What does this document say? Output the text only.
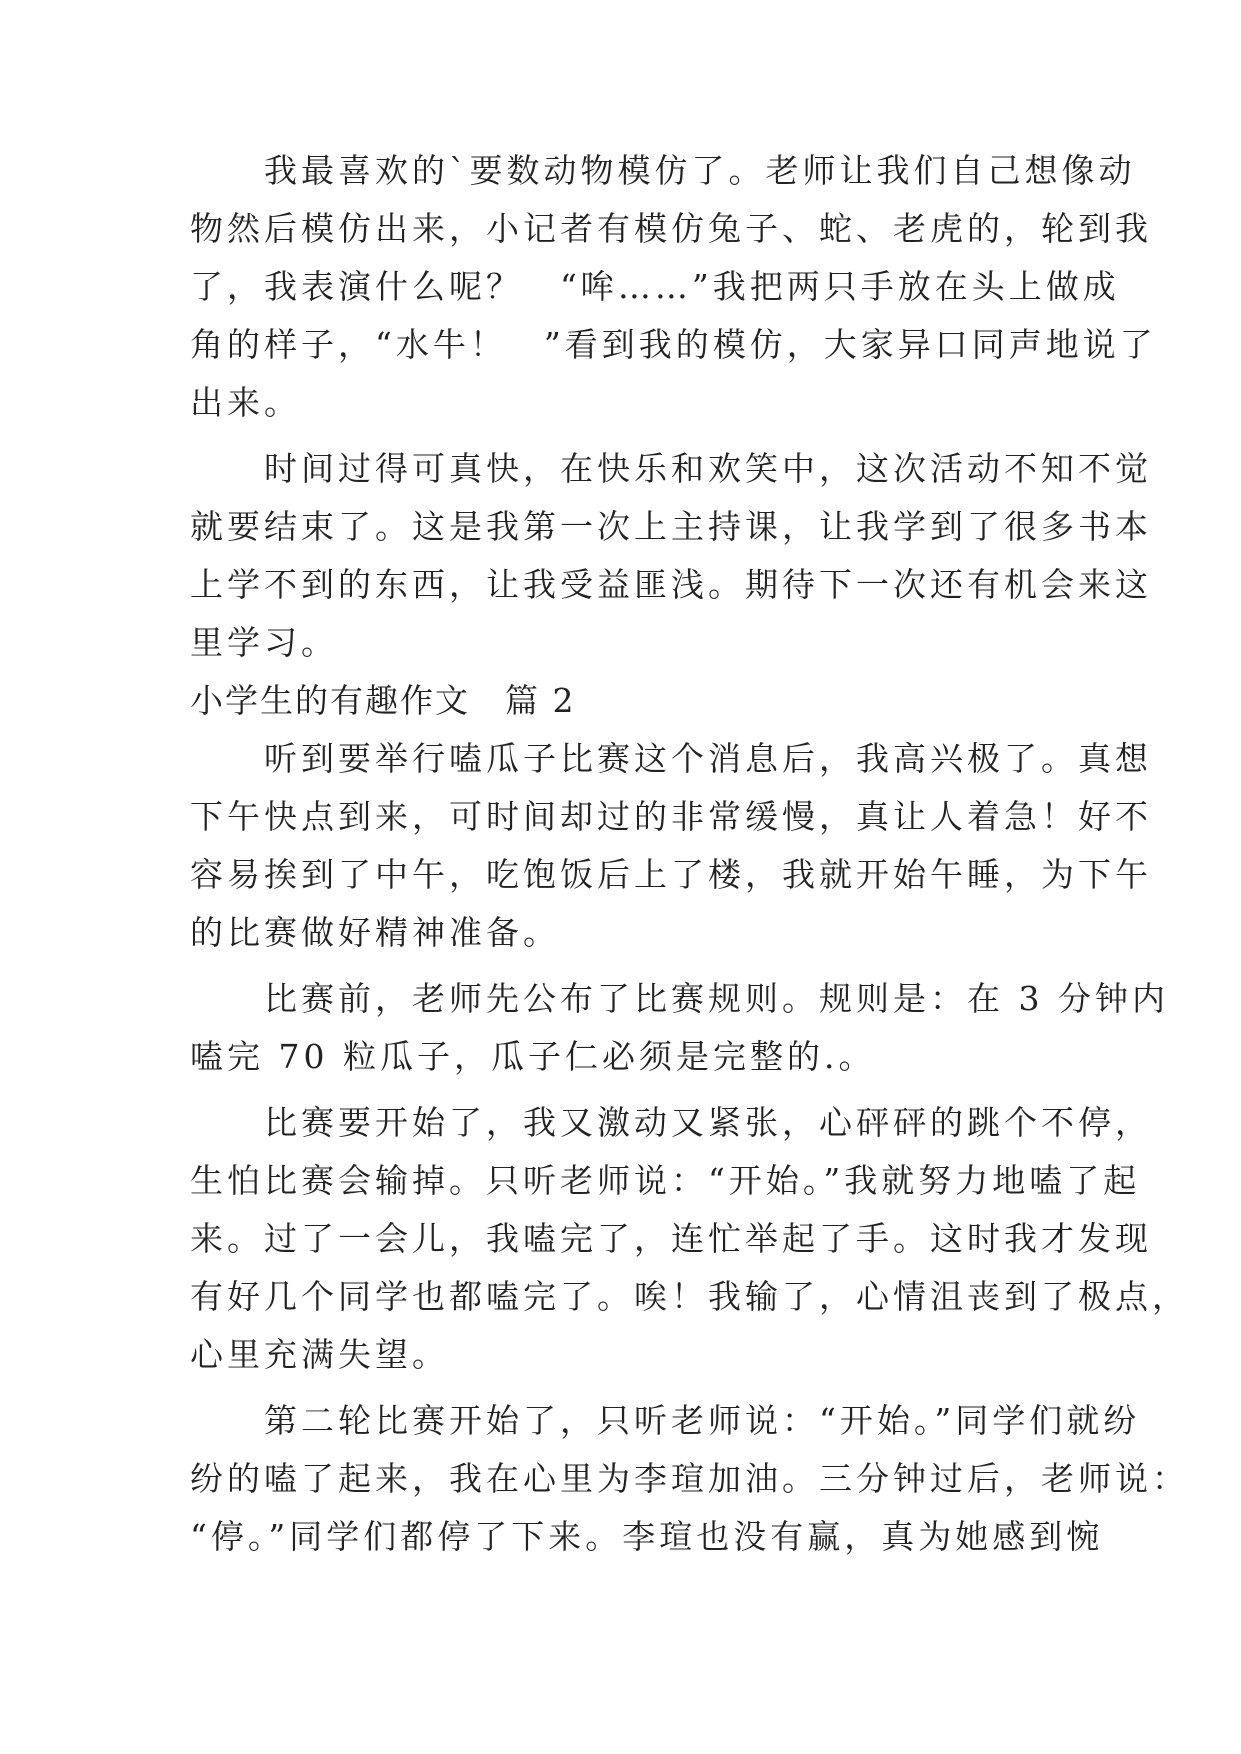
　　我最喜欢的`要数动物模仿了。老师让我们自己想像动
物然后模仿出来，小记者有模仿兔子、蛇、老虎的，轮到我
了，我表演什么呢？　“哞……”我把两只手放在头上做成
角的样子，“水牛！　”看到我的模仿，大家异口同声地说了
出来。
　　时间过得可真快，在快乐和欢笑中，这次活动不知不觉
就要结束了。这是我第一次上主持课，让我学到了很多书本
上学不到的东西，让我受益匪浅。期待下一次还有机会来这
里学习。
小学生的有趣作文　篇 2
　　听到要举行嗑瓜子比赛这个消息后，我高兴极了。真想
下午快点到来，可时间却过的非常缓慢，真让人着急！好不
容易挨到了中午，吃饱饭后上了楼，我就开始午睡，为下午
的比赛做好精神准备。
　　比赛前，老师先公布了比赛规则。规则是：在 3 分钟内
嗑完 70 粒瓜子，瓜子仁必须是完整的.。
　　比赛要开始了，我又激动又紧张，心砰砰的跳个不停，
生怕比赛会输掉。只听老师说：“开始。”我就努力地嗑了起
来。过了一会儿，我嗑完了，连忙举起了手。这时我才发现
有好几个同学也都嗑完了。唉！我输了，心情沮丧到了极点，
心里充满失望。
　　第二轮比赛开始了，只听老师说：“开始。”同学们就纷
纷的嗑了起来，我在心里为李瑄加油。三分钟过后，老师说：
“停。”同学们都停了下来。李瑄也没有赢，真为她感到惋
